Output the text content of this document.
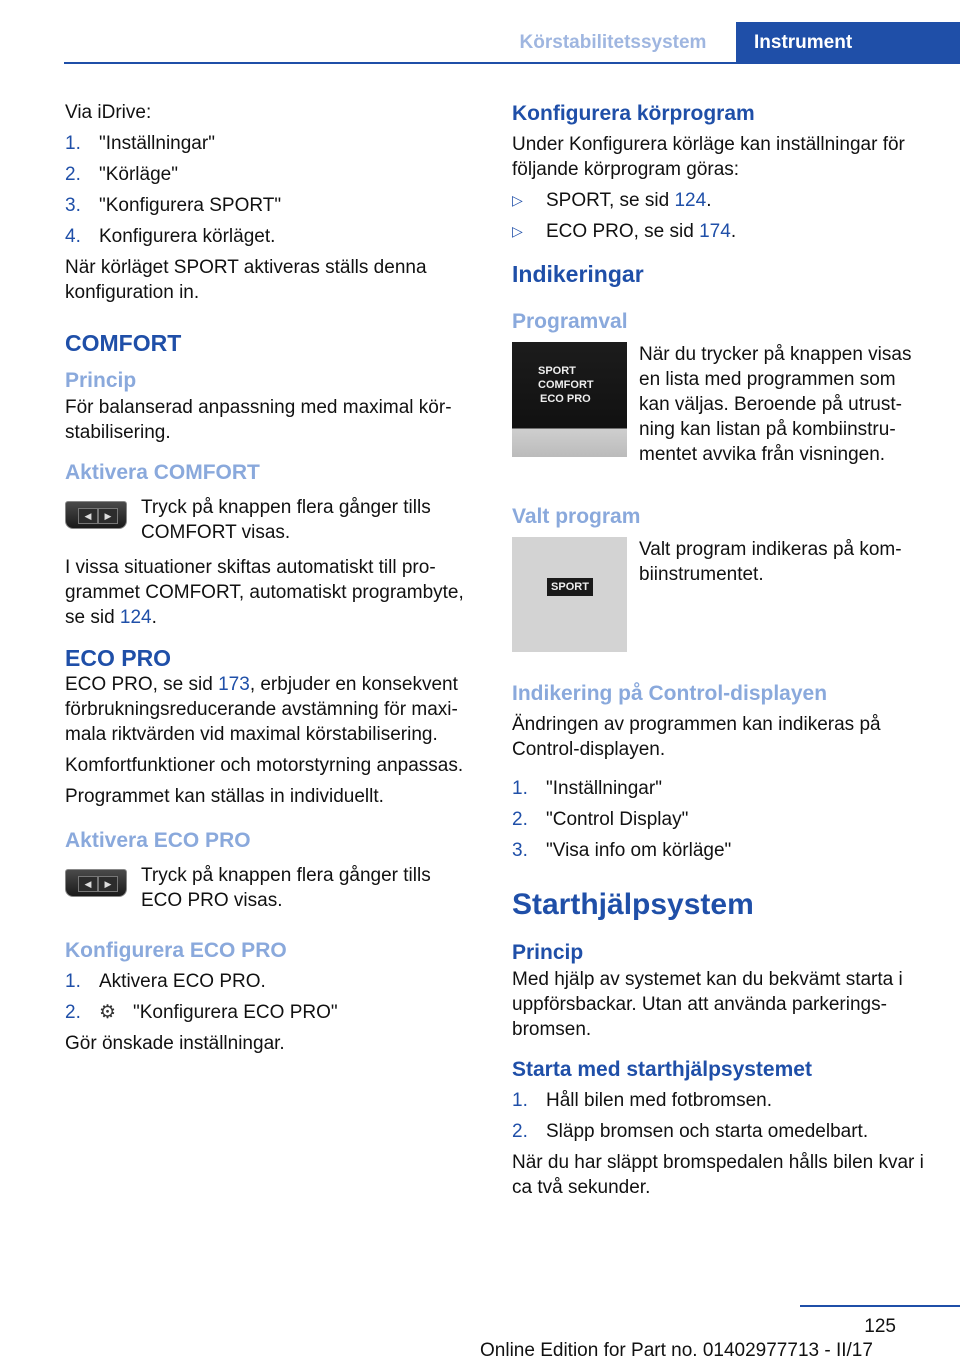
Körstabilitetssystem	Instrument

Via iDrive:

1. "Inställningar"
2. "Körläge"
3. "Konfigurera SPORT"
4. Konfigurera körläget.

När körläget SPORT aktiveras ställs denna konfiguration in.

COMFORT
Princip

För balanserad anpassning med maximal körstabilisering.

Aktivera COMFORT
◀	▶	Tryck på knappen flera gånger tills COMFORT visas.

I vissa situationer skiftas automatiskt till programmet COMFORT, automatiskt programbyte, se sid 124.

ECO PRO

ECO PRO, se sid 173, erbjuder en konsekvent förbrukningsreducerande avstämning för maximala riktvärden vid maximal körstabilisering.

Komfortfunktioner och motorstyrning anpassas.

Programmet kan ställas in individuellt.

Aktivera ECO PRO
◀	▶	Tryck på knappen flera gånger tills ECO PRO visas.

Konfigurera ECO PRO
1. Aktivera ECO PRO.
2. ⚙ "Konfigurera ECO PRO"

Gör önskade inställningar.

Konfigurera körprogram

Under Konfigurera körläge kan inställningar för följande körprogram göras:

▷	SPORT, se sid 124.
▷	ECO PRO, se sid 174.
Indikeringar
Programval
SPORT
COMFORT
ECO PRO

När du trycker på knappen visas en lista med programmen som kan väljas. Beroende på utrustning kan listan på kombiinstrumentet avvika från visningen.

Valt program
SPORT

Valt program indikeras på kombiinstrumentet.

Indikering på Control-displayen

Ändringen av programmen kan indikeras på Control-displayen.

1. "Inställningar"
2. "Control Display"
3. "Visa info om körläge"
Starthjälpsystem
Princip

Med hjälp av systemet kan du bekvämt starta i uppförsbackar. Utan att använda parkeringsbromsen.

Starta med starthjälpsystemet
1. Håll bilen med fotbromsen.
2. Släpp bromsen och starta omedelbart.

När du har släppt bromspedalen hålls bilen kvar i ca två sekunder.

125
Online Edition for Part no. 01402977713 - II/17
